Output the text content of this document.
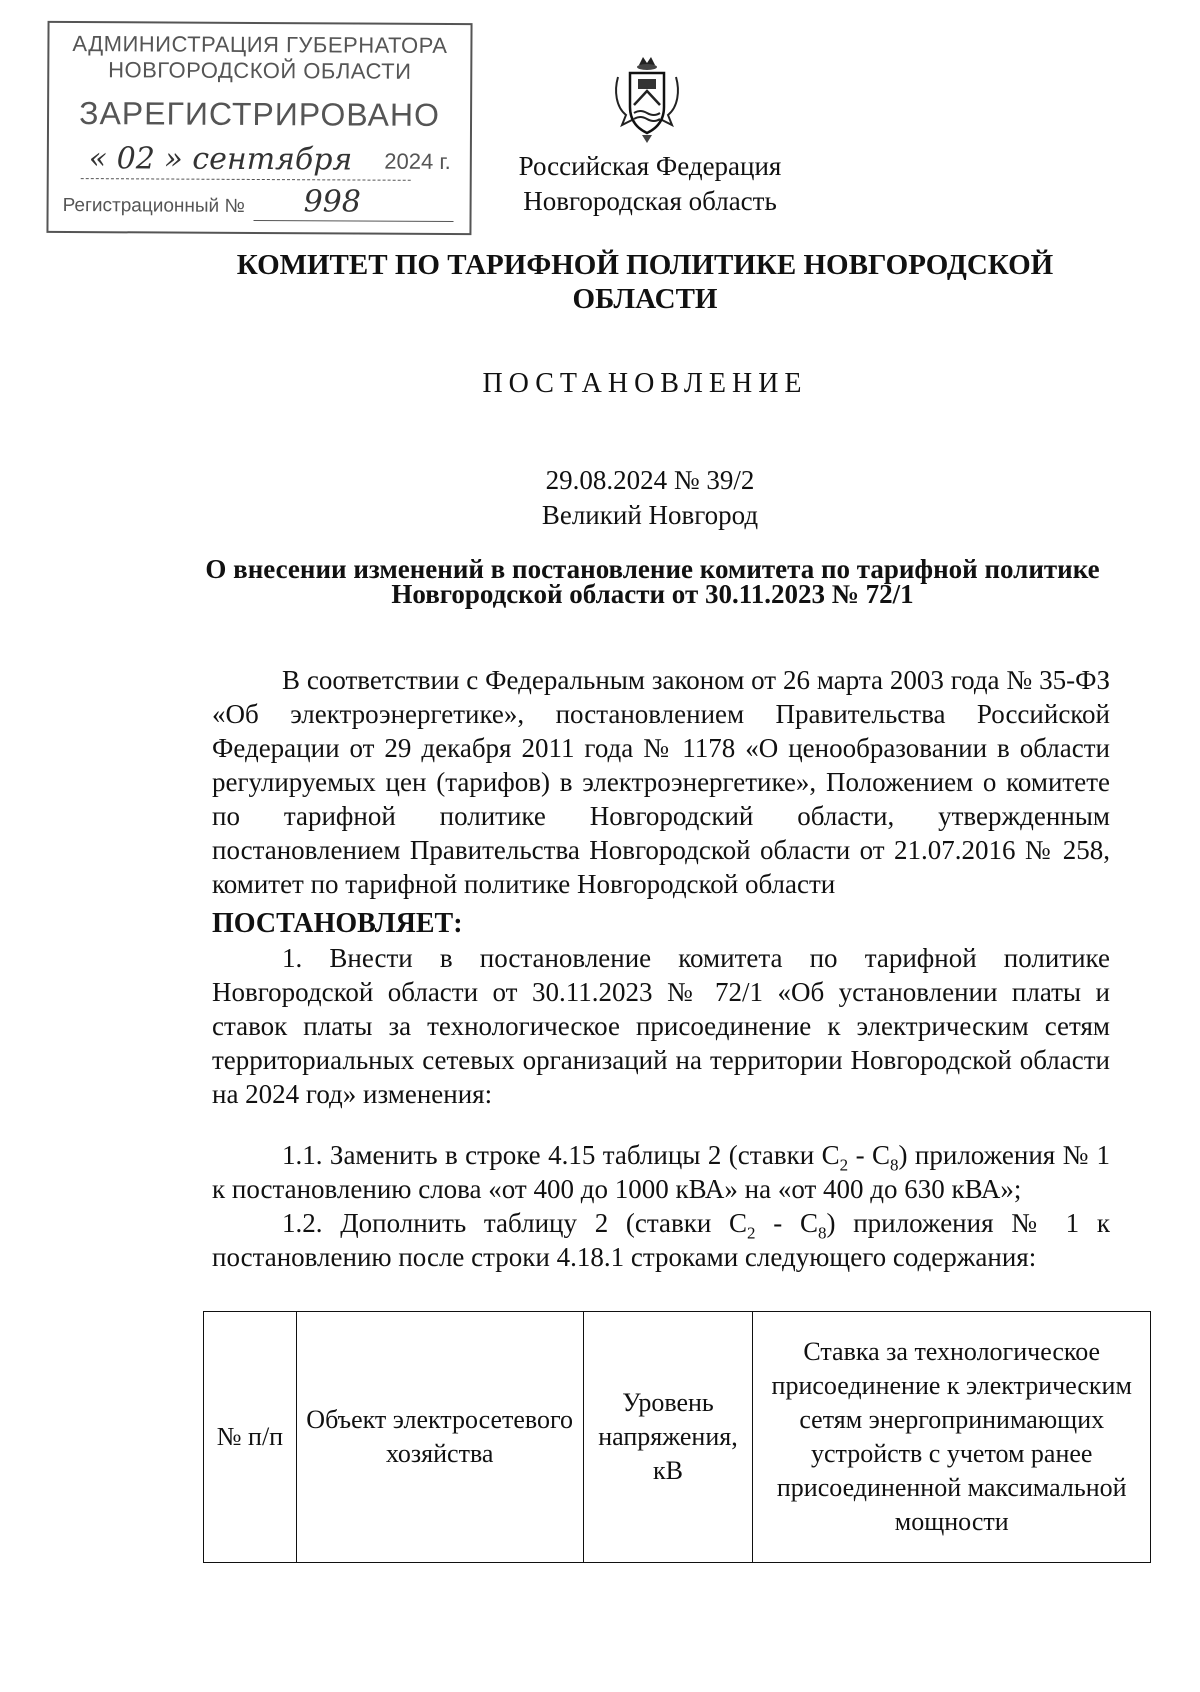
АДМИНИСТРАЦИЯ ГУБЕРНАТОРА
НОВГОРОДСКОЙ ОБЛАСТИ
ЗАРЕГИСТРИРОВАНО
« 02 » сентября 2024 г.
Регистрационный № 998
Российская Федерация
Новгородская область
КОМИТЕТ ПО ТАРИФНОЙ ПОЛИТИКЕ НОВГОРОДСКОЙ ОБЛАСТИ
ПОСТАНОВЛЕНИЕ
29.08.2024 № 39/2
Великий Новгород
О внесении изменений в постановление комитета по тарифной политике Новгородской области от 30.11.2023 № 72/1
В соответствии с Федеральным законом от 26 марта 2003 года № 35-ФЗ «Об электроэнергетике», постановлением Правительства Российской Федерации от 29 декабря 2011 года № 1178 «О ценообразовании в области регулируемых цен (тарифов) в электроэнергетике», Положением о комитете по тарифной политике Новгородский области, утвержденным постановлением Правительства Новгородской области от 21.07.2016 № 258, комитет по тарифной политике Новгородской области
ПОСТАНОВЛЯЕТ:
1. Внести в постановление комитета по тарифной политике Новгородской области от 30.11.2023 № 72/1 «Об установлении платы и ставок платы за технологическое присоединение к электрическим сетям территориальных сетевых организаций на территории Новгородской области на 2024 год» изменения:
1.1. Заменить в строке 4.15 таблицы 2 (ставки $С_2 - С_8$) приложения № 1 к постановлению слова «от 400 до 1000 кВА» на «от 400 до 630 кВА»;
1.2. Дополнить таблицу 2 (ставки $С_2 - С_8$) приложения № 1 к постановлению после строки 4.18.1 строками следующего содержания:
№ п/п	Объект электросетевого хозяйства	Уровень напряжения, кВ	Ставка за технологическое присоединение к электрическим сетям энергопринимающих устройств с учетом ранее присоединенной максимальной мощности
